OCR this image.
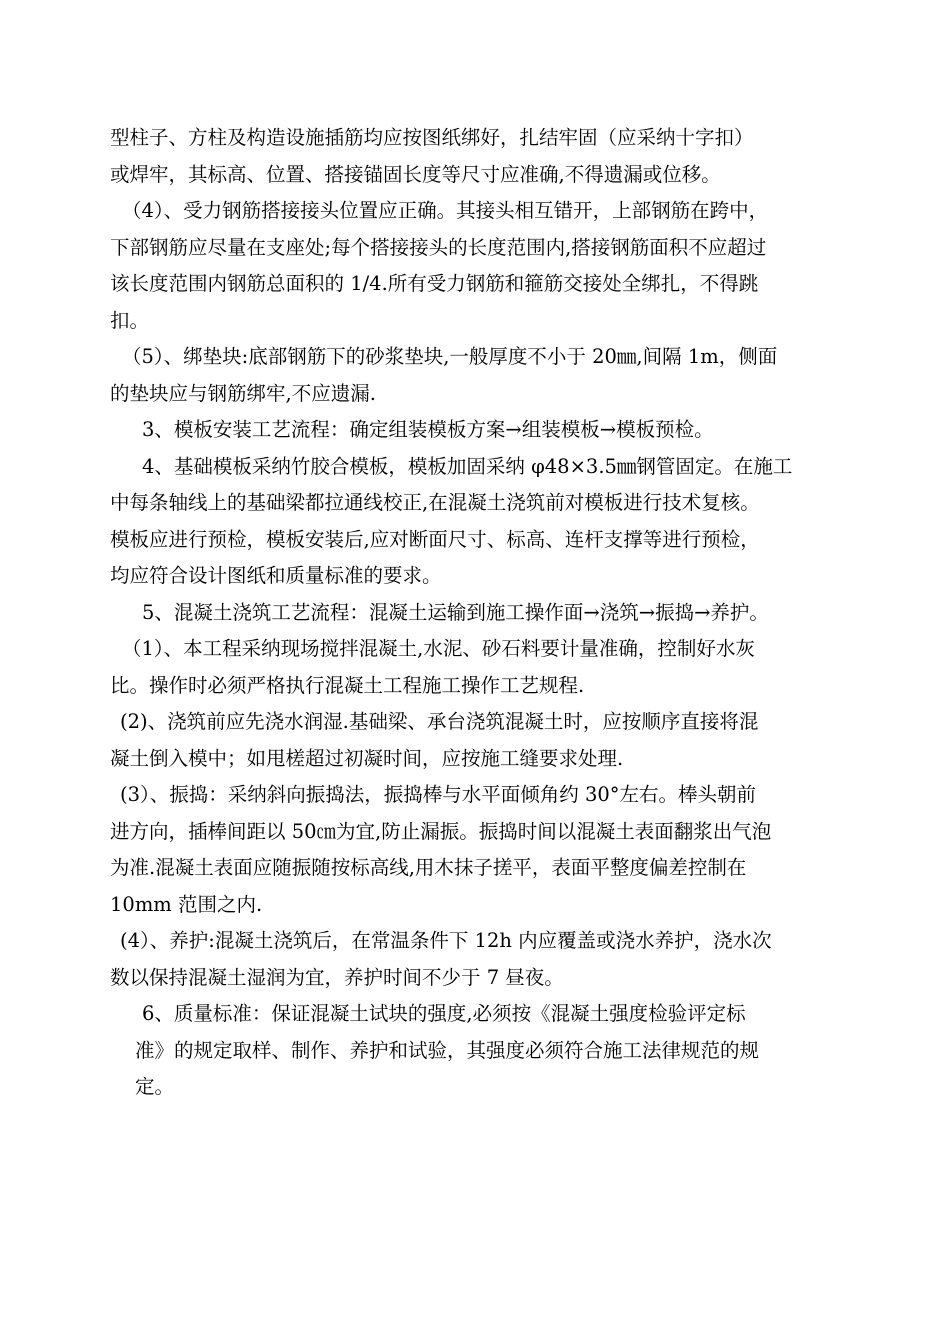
型柱子、方柱及构造设施插筋均应按图纸绑好，扎结牢固（应采纳十字扣）
或焊牢，其标高、位置、搭接锚固长度等尺寸应准确,不得遗漏或位移。
（4）、受力钢筋搭接接头位置应正确。其接头相互错开，上部钢筋在跨中，
下部钢筋应尽量在支座处;每个搭接接头的长度范围内,搭接钢筋面积不应超过
该长度范围内钢筋总面积的 1/4.所有受力钢筋和箍筋交接处全绑扎，不得跳
扣。
（5）、绑垫块:底部钢筋下的砂浆垫块,一般厚度不小于 20㎜,间隔 1m，侧面
的垫块应与钢筋绑牢,不应遗漏.
3、模板安装工艺流程：确定组装模板方案→组装模板→模板预检。
4、基础模板采纳竹胶合模板，模板加固采纳 φ48×3.5㎜钢管固定。在施工
中每条轴线上的基础梁都拉通线校正,在混凝土浇筑前对模板进行技术复核。
模板应进行预检，模板安装后,应对断面尺寸、标高、连杆支撑等进行预检，
均应符合设计图纸和质量标准的要求。
5、混凝土浇筑工艺流程：混凝土运输到施工操作面→浇筑→振捣→养护。
（1）、本工程采纳现场搅拌混凝土,水泥、砂石料要计量准确，控制好水灰
比。操作时必须严格执行混凝土工程施工操作工艺规程.
(2)、浇筑前应先浇水润湿.基础梁、承台浇筑混凝土时，应按顺序直接将混
凝土倒入模中；如甩槎超过初凝时间，应按施工缝要求处理.
(3）、振捣：采纳斜向振捣法，振捣棒与水平面倾角约 30°左右。棒头朝前
进方向，插棒间距以 50㎝为宜,防止漏振。振捣时间以混凝土表面翻浆出气泡
为准.混凝土表面应随振随按标高线,用木抹子搓平，表面平整度偏差控制在
10mm 范围之内.
(4）、养护:混凝土浇筑后，在常温条件下 12h 内应覆盖或浇水养护，浇水次
数以保持混凝土湿润为宜，养护时间不少于 7 昼夜。
6、质量标准：保证混凝土试块的强度,必须按《混凝土强度检验评定标
准》的规定取样、制作、养护和试验，其强度必须符合施工法律规范的规
定。
